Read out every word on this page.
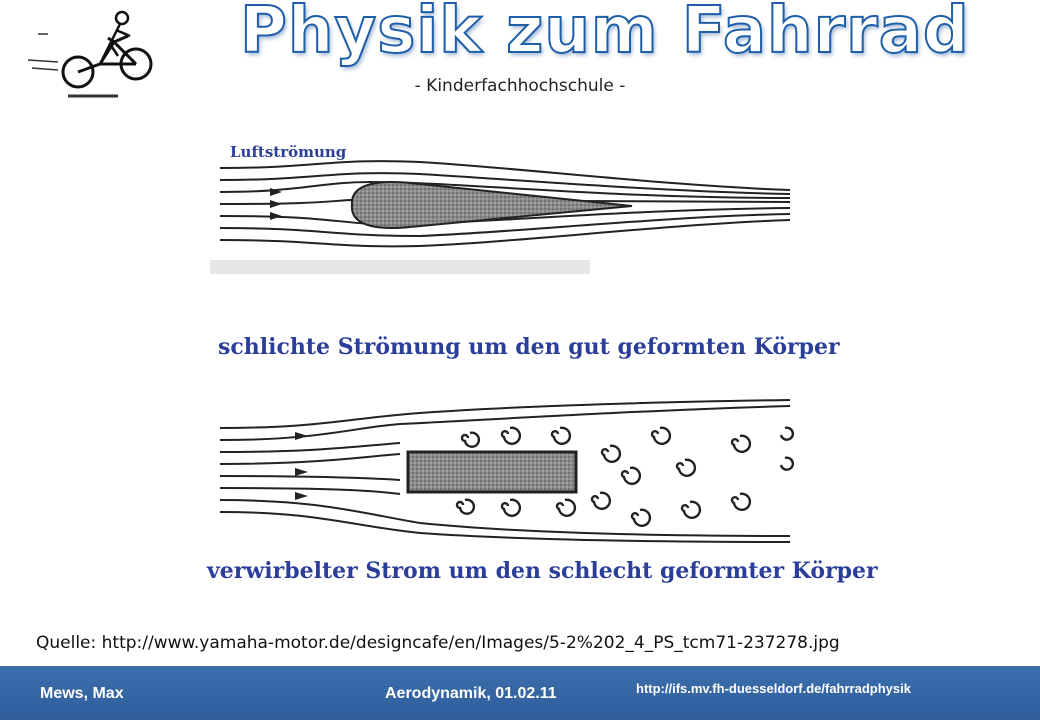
Physik zum Fahrrad
- Kinderfachhochschule -
Luftströmung
schlichte Strömung um den gut geformten Körper
verwirbelter Strom um den schlecht geformter Körper
Quelle: http://www.yamaha-motor.de/designcafe/en/Images/5-2%202_4_PS_tcm71-237278.jpg
Mews, Max	Aerodynamik, 01.02.11	http://ifs.mv.fh-duesseldorf.de/fahrradphysik
